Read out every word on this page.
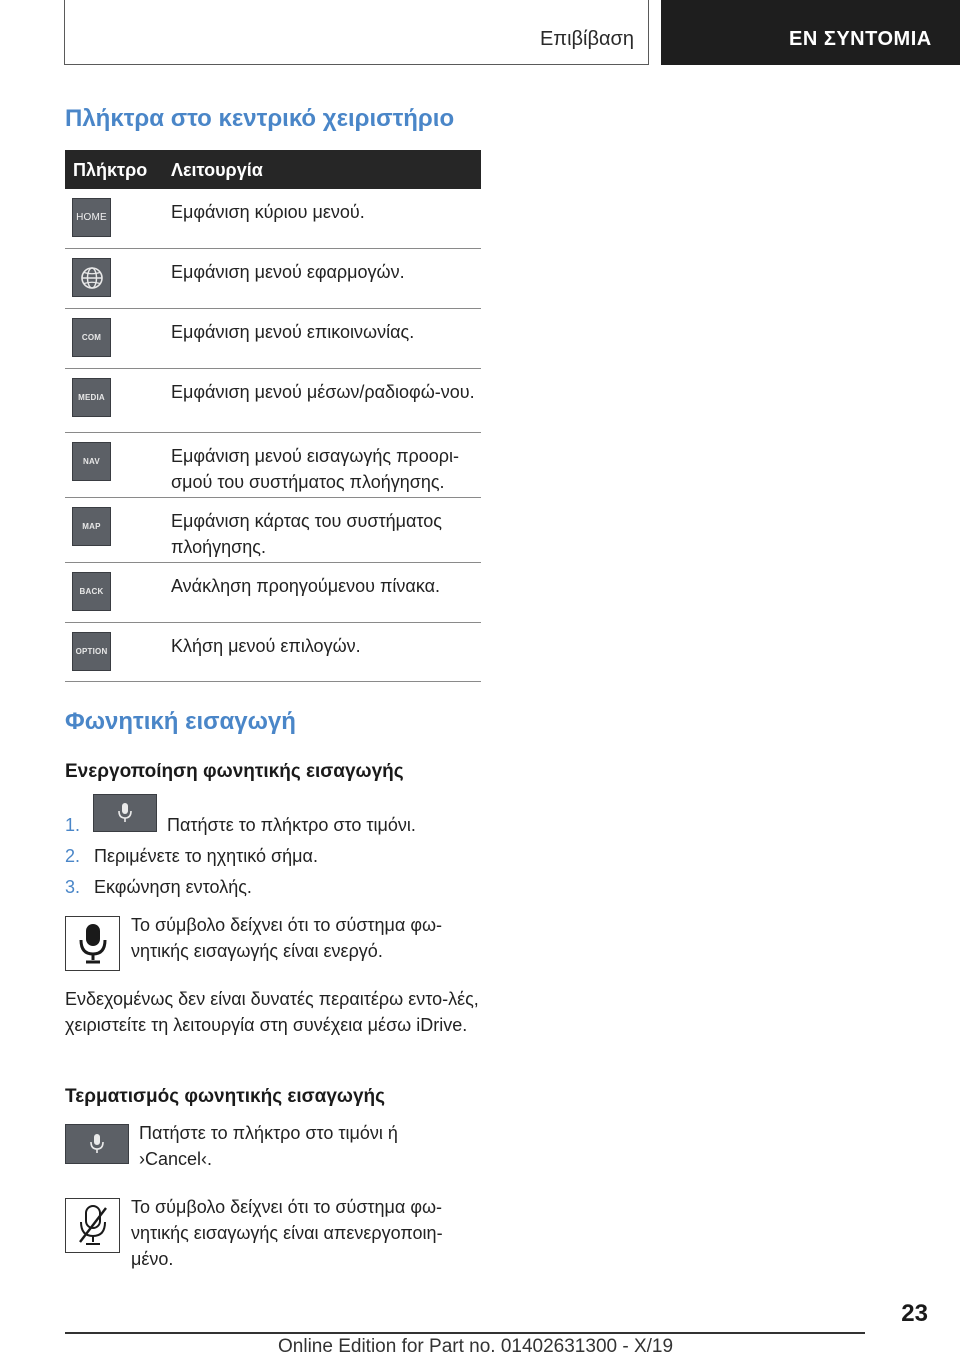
Επιβίβαση	ΕΝ ΣΥΝΤΟΜΙΑ
Πλήκτρα στο κεντρικό χειριστήριο
Πλήκτρο Λειτουργία
HOME	Εμφάνιση κύριου μενού.
Εμφάνιση μενού εφαρμογών.
COM	Εμφάνιση μενού επικοινωνίας.
MEDIA	Εμφάνιση μενού μέσων/ραδιοφώ-νου.
NAV	Εμφάνιση μενού εισαγωγής προορι-σμού του συστήματος πλοήγησης.
MAP	Εμφάνιση κάρτας του συστήματος πλοήγησης.
BACK	Ανάκληση προηγούμενου πίνακα.
OPTION	Κλήση μενού επιλογών.
Φωνητική εισαγωγή
Ενεργοποίηση φωνητικής εισαγωγής
1.	Πατήστε το πλήκτρο στο τιμόνι.
2. Περιμένετε το ηχητικό σήμα.
3. Εκφώνηση εντολής.
Το σύμβολο δείχνει ότι το σύστημα φω-νητικής εισαγωγής είναι ενεργό.
Ενδεχομένως δεν είναι δυνατές περαιτέρω εντο-λές, χειριστείτε τη λειτουργία στη συνέχεια μέσω iDrive.
Τερματισμός φωνητικής εισαγωγής
Πατήστε το πλήκτρο στο τιμόνι ή ›Cancel‹.
Το σύμβολο δείχνει ότι το σύστημα φω-νητικής εισαγωγής είναι απενεργοποιη-μένο.
23
Online Edition for Part no. 01402631300 - X/19
